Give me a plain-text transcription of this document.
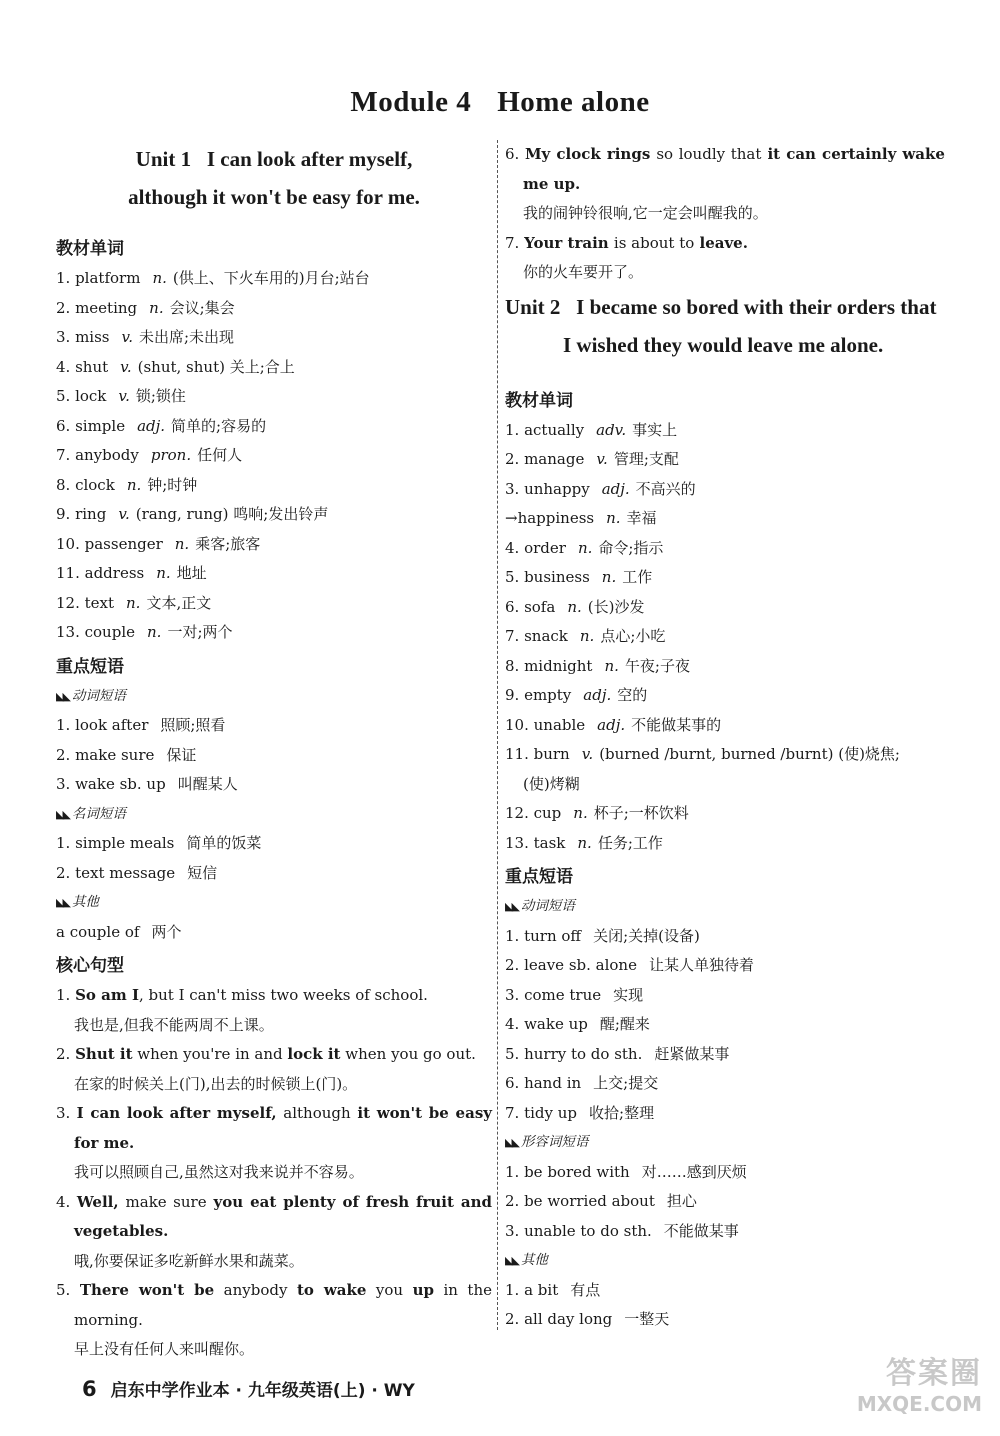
Module 4 Home alone
Unit 1   I can look after myself,
although it won't be easy for me.
教材单词
1. platform n. (供上、下火车用的)月台;站台
2. meeting n. 会议;集会
3. miss v. 未出席;未出现
4. shut v. (shut, shut) 关上;合上
5. lock v. 锁;锁住
6. simple adj. 简单的;容易的
7. anybody pron. 任何人
8. clock n. 钟;时钟
9. ring v. (rang, rung) 鸣响;发出铃声
10. passenger n. 乘客;旅客
11. address n. 地址
12. text n. 文本,正文
13. couple n. 一对;两个
重点短语
◣◣ 动词短语
1. look after 照顾;照看
2. make sure 保证
3. wake sb. up 叫醒某人
◣◣ 名词短语
1. simple meals 简单的饭菜
2. text message 短信
◣◣ 其他
a couple of 两个
核心句型
1. So am I, but I can't miss two weeks of school.
我也是,但我不能两周不上课。
2. Shut it when you're in and lock it when you go out.
在家的时候关上(门),出去的时候锁上(门)。
3. I can look after myself, although it won't be easy for me.
我可以照顾自己,虽然这对我来说并不容易。
4. Well, make sure you eat plenty of fresh fruit and vegetables.
哦,你要保证多吃新鲜水果和蔬菜。
5. There won't be anybody to wake you up in the morning.
早上没有任何人来叫醒你。
6. My clock rings so loudly that it can certainly wake me up.
我的闹钟铃很响,它一定会叫醒我的。
7. Your train is about to leave.
你的火车要开了。
Unit 2   I became so bored with their orders that
I wished they would leave me alone.
教材单词
1. actually adv. 事实上
2. manage v. 管理;支配
3. unhappy adj. 不高兴的
→happiness n. 幸福
4. order n. 命令;指示
5. business n. 工作
6. sofa n. (长)沙发
7. snack n. 点心;小吃
8. midnight n. 午夜;子夜
9. empty adj. 空的
10. unable adj. 不能做某事的
11. burn v. (burned /burnt, burned /burnt) (使)烧焦;
(使)烤糊
12. cup n. 杯子;一杯饮料
13. task n. 任务;工作
重点短语
◣◣ 动词短语
1. turn off 关闭;关掉(设备)
2. leave sb. alone 让某人单独待着
3. come true 实现
4. wake up 醒;醒来
5. hurry to do sth. 赶紧做某事
6. hand in 上交;提交
7. tidy up 收拾;整理
◣◣ 形容词短语
1. be bored with 对……感到厌烦
2. be worried about 担心
3. unable to do sth. 不能做某事
◣◣ 其他
1. a bit 有点
2. all day long 一整天
6 启东中学作业本 · 九年级英语(上) · WY	答案圈
MXQE.COM
